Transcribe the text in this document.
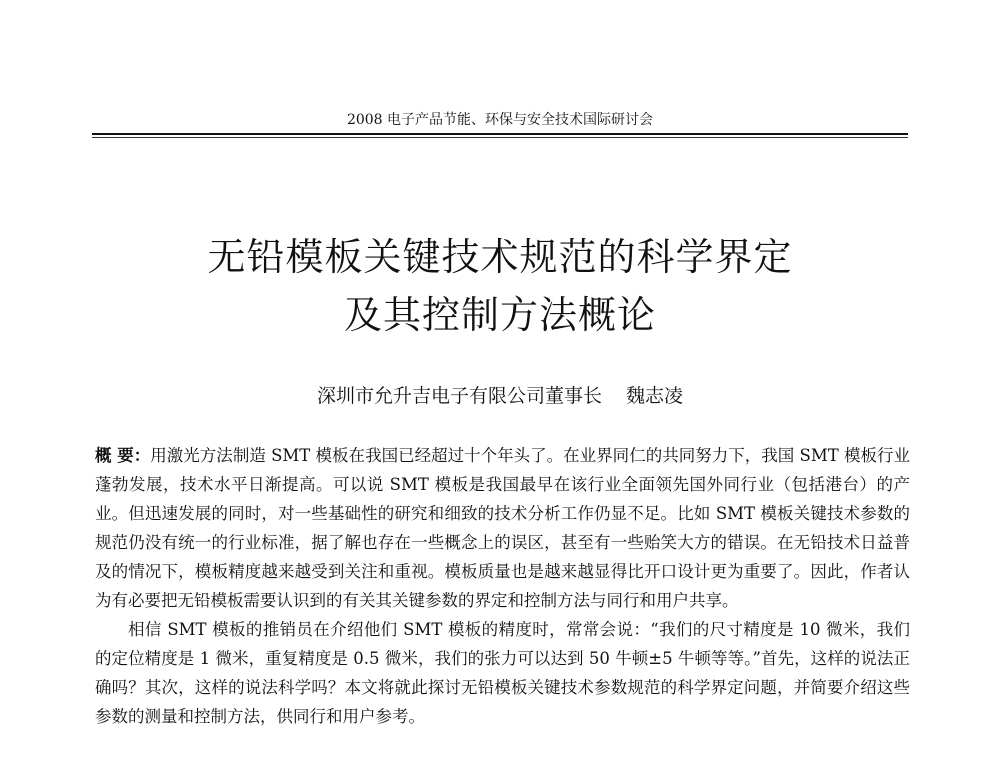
2008 电子产品节能、环保与安全技术国际研讨会
无铅模板关键技术规范的科学界定
及其控制方法概论
深圳市允升吉电子有限公司董事长 魏志凌

概 要：用激光方法制造 SMT 模板在我国已经超过十个年头了。在业界同仁的共同努力下，我国 SMT 模板行业蓬勃发展，技术水平日渐提高。可以说 SMT 模板是我国最早在该行业全面领先国外同行业（包括港台）的产业。但迅速发展的同时，对一些基础性的研究和细致的技术分析工作仍显不足。比如 SMT 模板关键技术参数的规范仍没有统一的行业标准，据了解也存在一些概念上的误区，甚至有一些贻笑大方的错误。在无铅技术日益普及的情况下，模板精度越来越受到关注和重视。模板质量也是越来越显得比开口设计更为重要了。因此，作者认为有必要把无铅模板需要认识到的有关其关键参数的界定和控制方法与同行和用户共享。

相信 SMT 模板的推销员在介绍他们 SMT 模板的精度时，常常会说：“我们的尺寸精度是 10 微米，我们的定位精度是 1 微米，重复精度是 0.5 微米，我们的张力可以达到 50 牛顿±5 牛顿等等。”首先，这样的说法正确吗？其次，这样的说法科学吗？本文将就此探讨无铅模板关键技术参数规范的科学界定问题，并简要介绍这些参数的测量和控制方法，供同行和用户参考。
